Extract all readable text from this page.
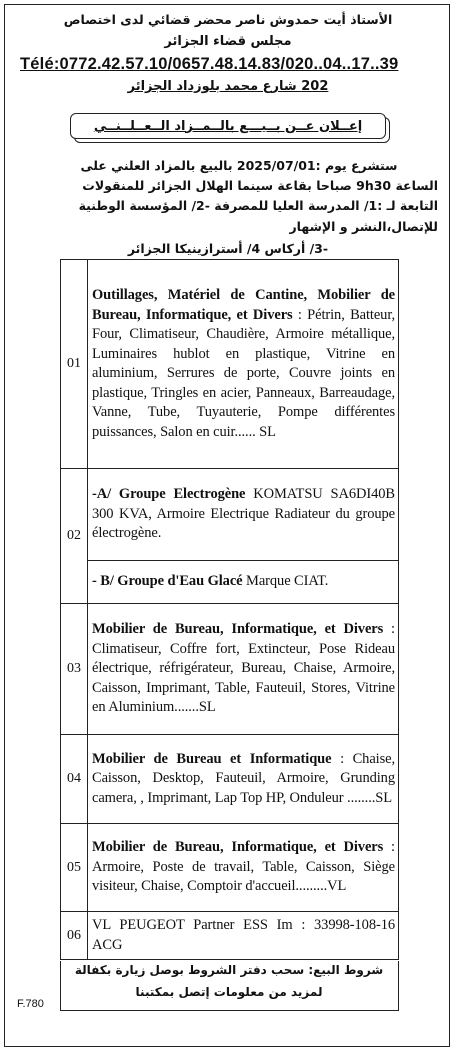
الأستاذ أيت حمدوش ناصر محضر قضائي لدى اختصاص
مجلس قضاء الجزائر
Télé:0772.42.57.10/0657.48.14.83/020..04..17..39
202 شارع محمد بلوزداد الجزائر
إعــلان عــن بــيـــع بالــمــزاد الــعــلــنــي
ستشرع يوم :2025/07/01 بالبيع بالمزاد العلني على
الساعة 9h30 صباحا بقاعة سينما الهلال الجزائر للمنقولات
التابعة لـ :1/ المدرسة العليا للمصرفة -2/ المؤسسة الوطنية
للإتصال،النشر و الإشهار
-3/ أركاس 4/ أسترازينيكا الجزائر
01	Outillages, Matériel de Cantine, Mobilier de Bureau, Informatique, et Divers : Pétrin, Batteur, Four, Climatiseur, Chaudière, Armoire métallique, Luminaires hublot en plastique, Vitrine en aluminium, Serrures de porte, Couvre joints en plastique, Tringles en acier, Panneaux, Barreaudage, Vanne, Tube, Tuyauterie, Pompe différentes puissances, Salon en cuir...... SL
02	-A/ Groupe Electrogène KOMATSU SA6DI40B 300 KVA, Armoire Electrique Radiateur du groupe électrogène.
	- B/ Groupe d'Eau Glacé Marque CIAT.
03	Mobilier de Bureau, Informatique, et Divers : Climatiseur, Coffre fort, Extincteur, Pose Rideau électrique, réfrigérateur, Bureau, Chaise, Armoire, Caisson, Imprimant, Table, Fauteuil, Stores, Vitrine en Aluminium.......SL
04	Mobilier de Bureau et Informatique : Chaise, Caisson, Desktop, Fauteuil, Armoire, Grunding camera, , Imprimant, Lap Top HP, Onduleur ........SL
05	Mobilier de Bureau, Informatique, et Divers : Armoire, Poste de travail, Table, Caisson, Siège visiteur, Chaise, Comptoir d'accueil.........VL
06	VL PEUGEOT Partner ESS Im : 33998-108-16 ACG
شروط البيع: سحب دفتر الشروط بوصل زيارة بكفالة
لمزيد من معلومات إتصل بمكتبنا
F.780
